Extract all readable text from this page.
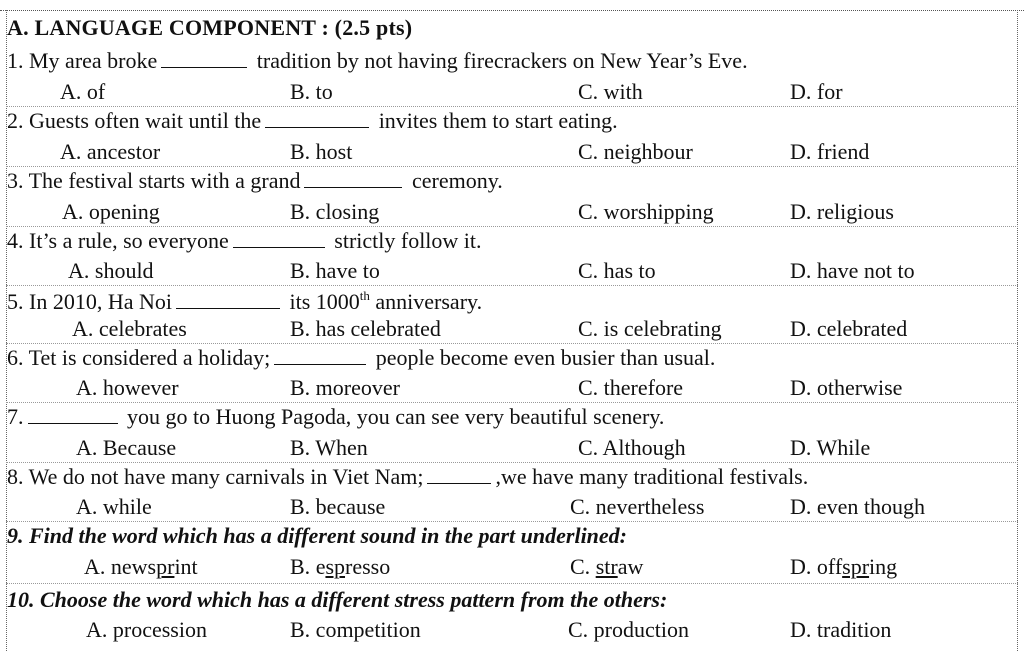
A. LANGUAGE COMPONENT : (2.5 pts)
1. My area broke	tradition by not having firecrackers on New Year’s Eve.
A. of	B. to	C. with	D. for
2. Guests often wait until the	invites them to start eating.
A. ancestor	B. host	C. neighbour	D. friend
3. The festival starts with a grand	ceremony.
A. opening	B. closing	C. worshipping	D. religious
4. It’s a rule, so everyone	strictly follow it.
A. should	B. have to	C. has to	D. have not to
5. In 2010, Ha Noi	its 1000th anniversary.
A. celebrates	B. has celebrated	C. is celebrating	D. celebrated
6. Tet is considered a holiday;	people become even busier than usual.
A. however	B. moreover	C. therefore	D. otherwise
7.	you go to Huong Pagoda, you can see very beautiful scenery.
A. Because	B. When	C. Although	D. While
8. We do not have many carnivals in Viet Nam;	,we have many traditional festivals.
A. while	B. because	C. nevertheless	D. even though
9. Find the word which has a different sound in the part underlined:
A. newsprint	B. espresso	C. straw	D. offspring
10. Choose the word which has a different stress pattern from the others:
A. procession	B. competition	C. production	D. tradition
